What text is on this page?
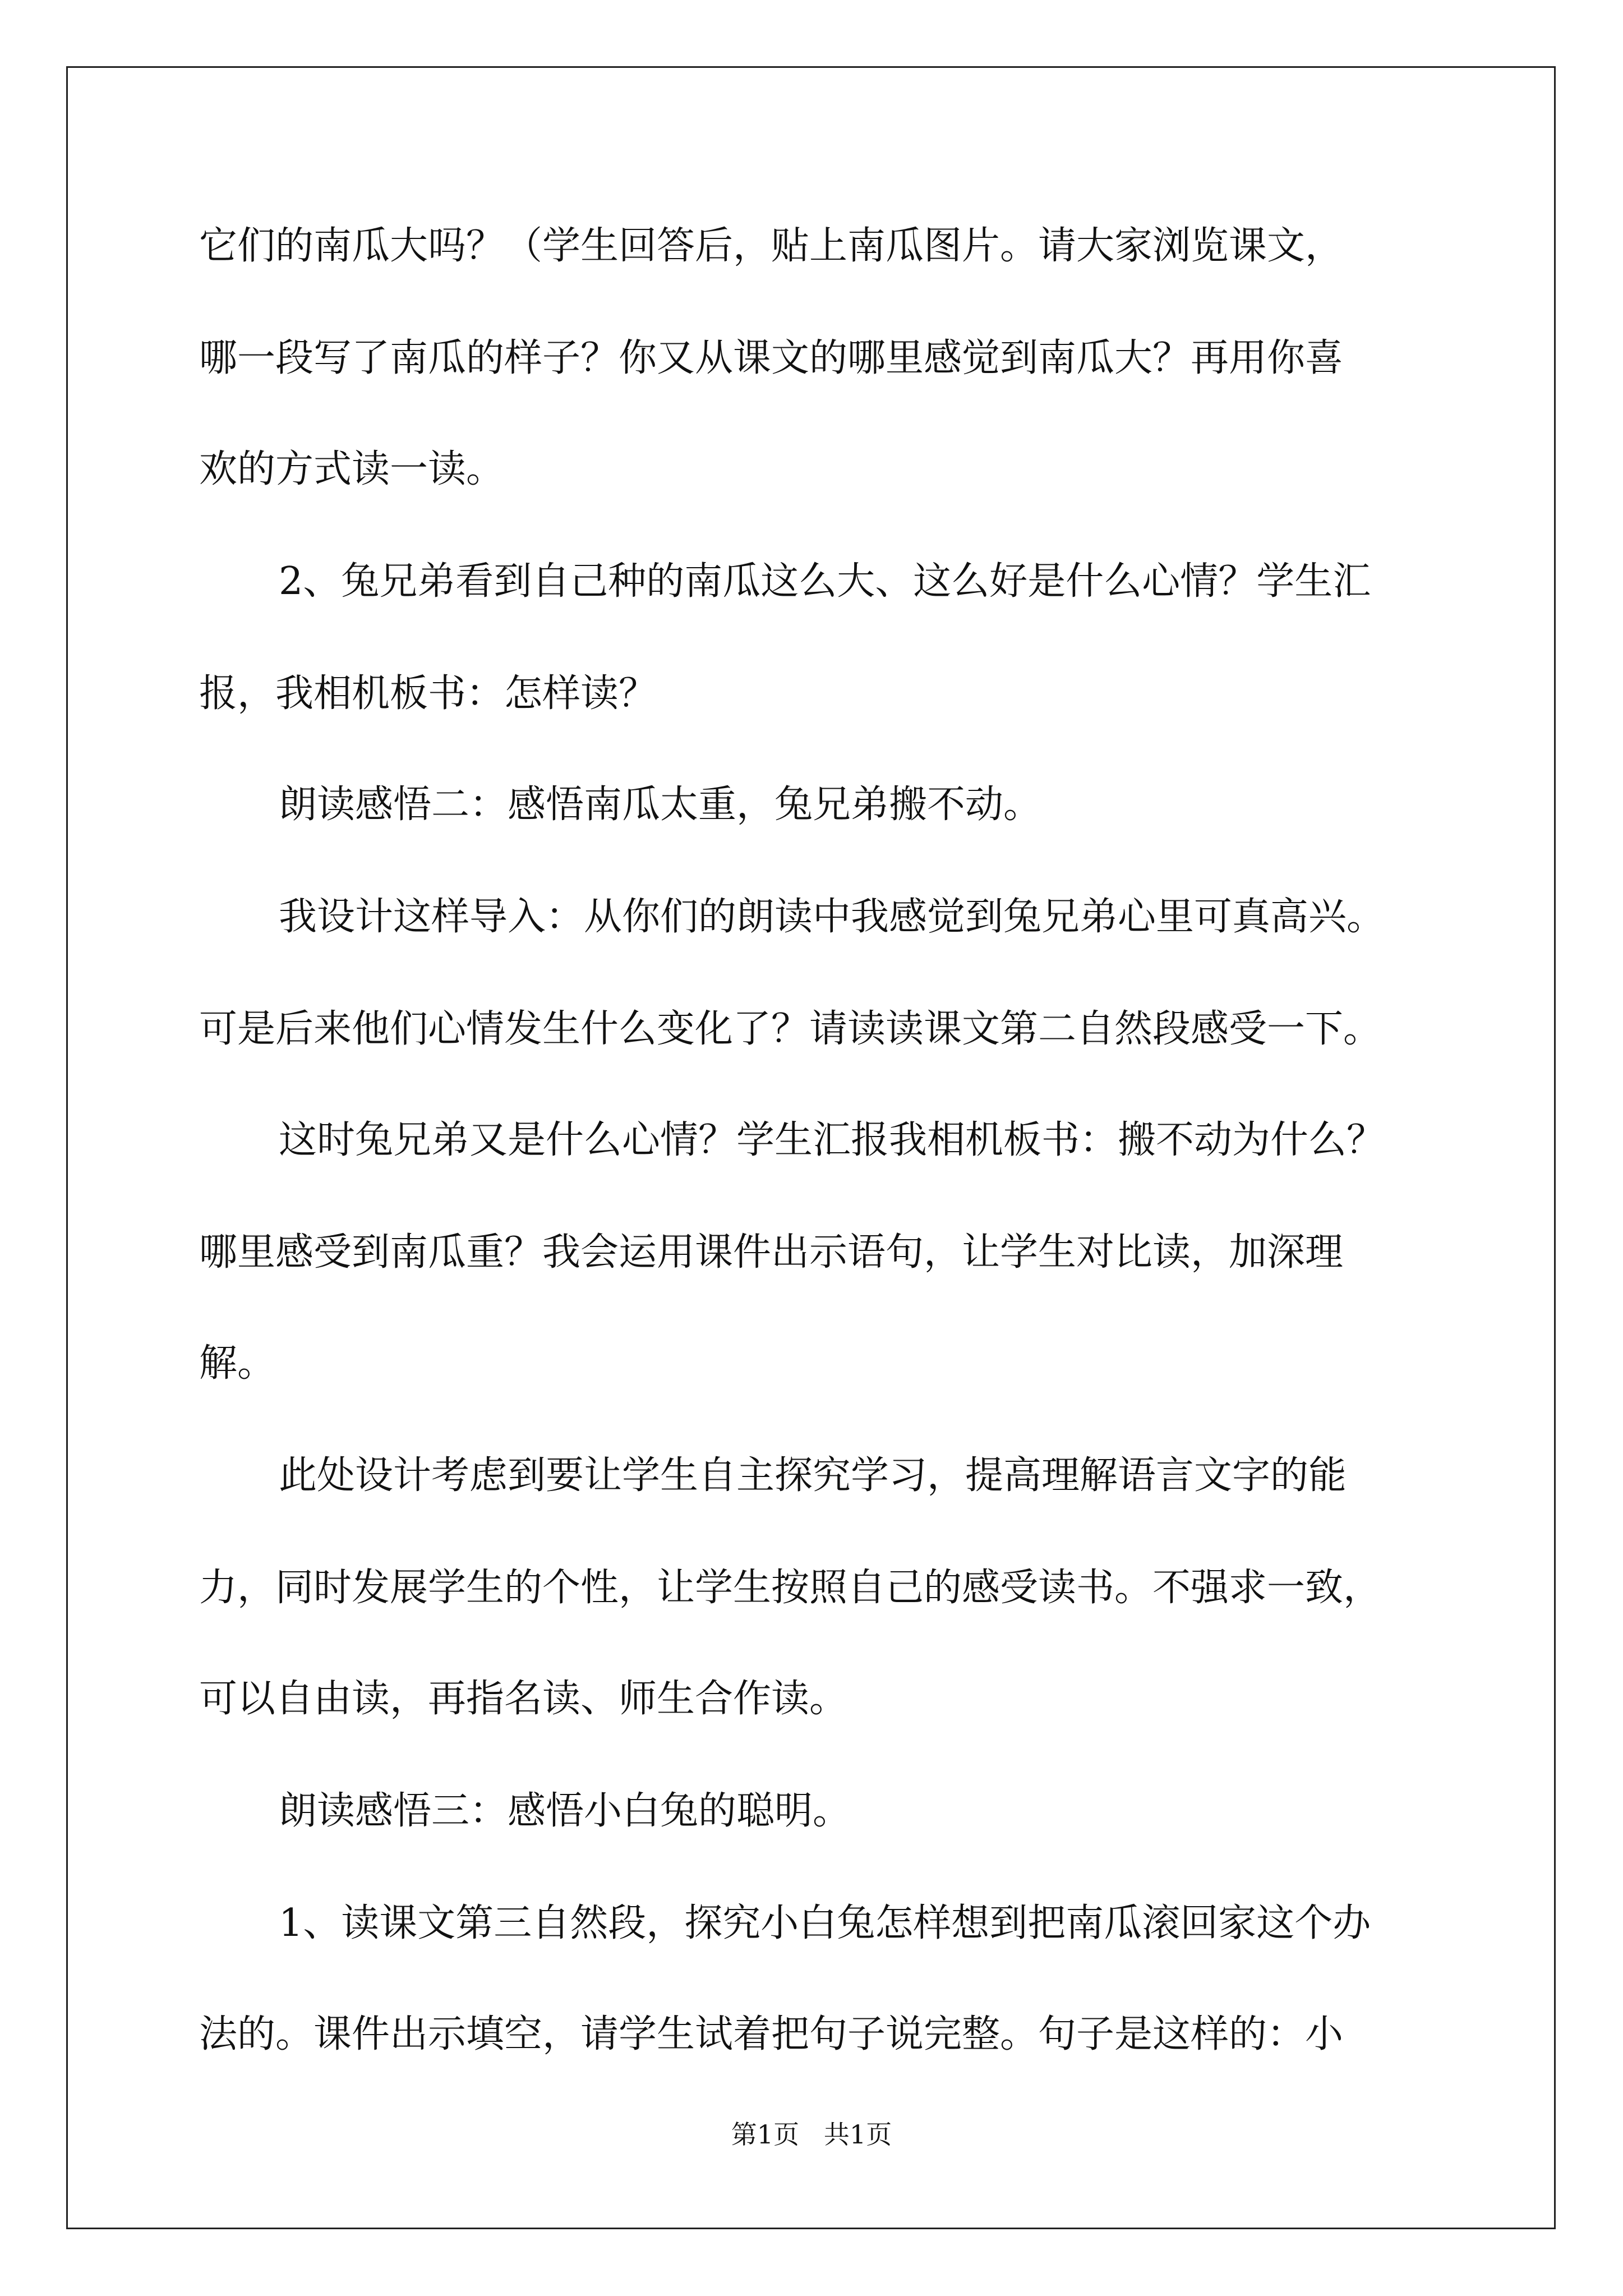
它们的南瓜大吗？（学生回答后，贴上南瓜图片。请大家浏览课文，
哪一段写了南瓜的样子？你又从课文的哪里感觉到南瓜大？再用你喜
欢的方式读一读。
2、兔兄弟看到自己种的南瓜这么大、这么好是什么心情？学生汇
报，我相机板书：怎样读？
朗读感悟二：感悟南瓜太重，兔兄弟搬不动。
我设计这样导入：从你们的朗读中我感觉到兔兄弟心里可真高兴。
可是后来他们心情发生什么变化了？请读读课文第二自然段感受一下。
这时兔兄弟又是什么心情？学生汇报我相机板书：搬不动为什么？
哪里感受到南瓜重？我会运用课件出示语句，让学生对比读，加深理
解。
此处设计考虑到要让学生自主探究学习，提高理解语言文字的能
力，同时发展学生的个性，让学生按照自己的感受读书。不强求一致，
可以自由读，再指名读、师生合作读。
朗读感悟三：感悟小白兔的聪明。
1、读课文第三自然段，探究小白兔怎样想到把南瓜滚回家这个办
法的。课件出示填空，请学生试着把句子说完整。句子是这样的：小
第1页   共1页
